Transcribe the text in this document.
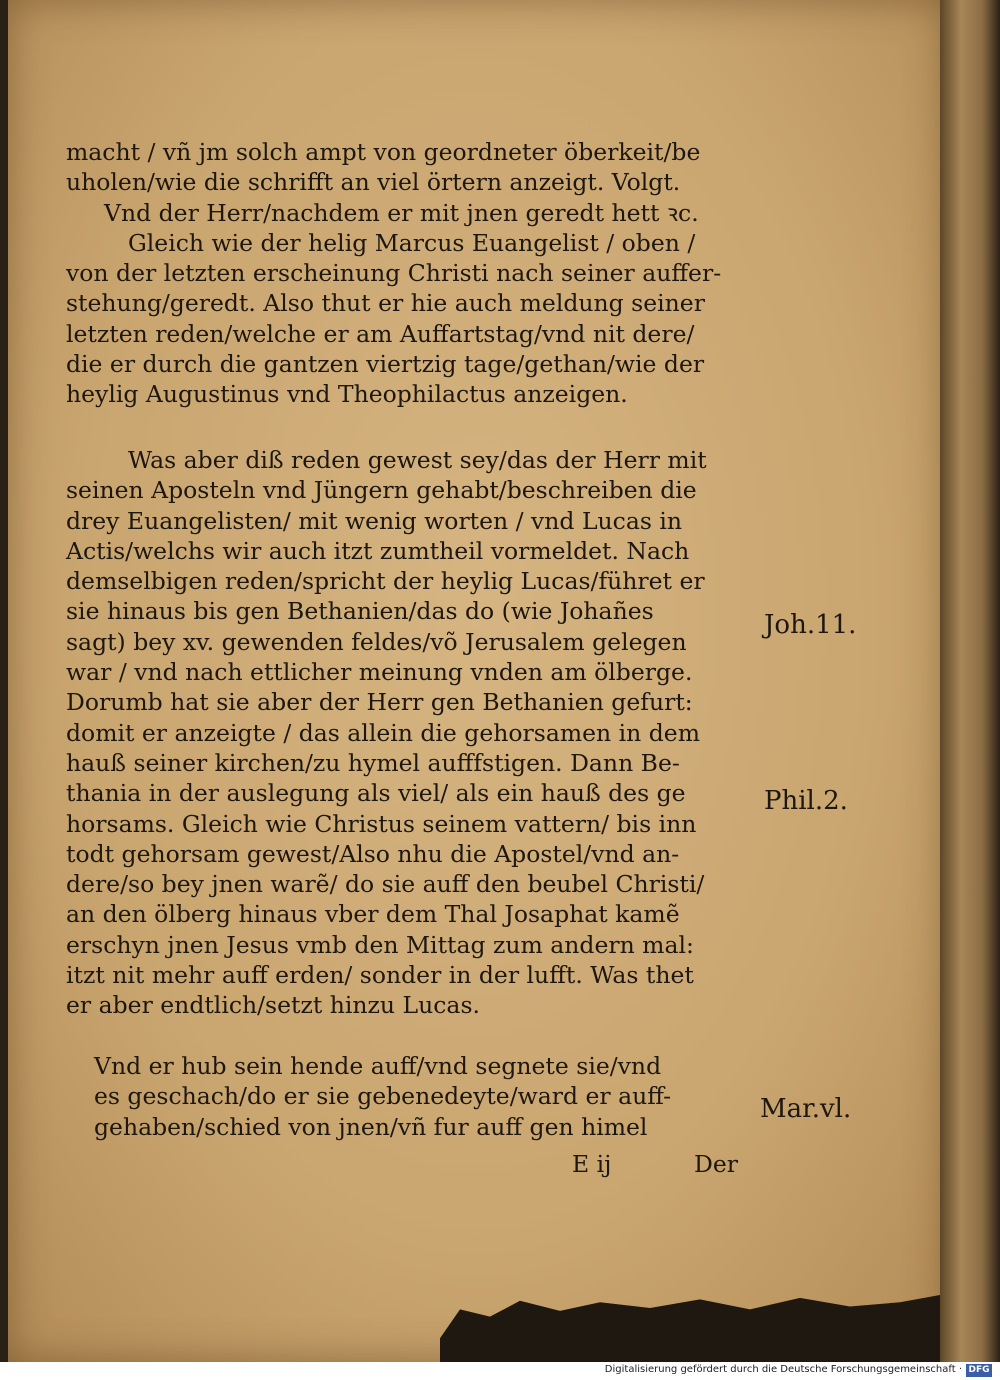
macht / vñ jm solch ampt von geordneter öberkeit/be
uholen/wie die schrifft an viel örtern anzeigt. Volgt.
Vnd der Herr/nachdem er mit jnen geredt hett ꝛc.
Gleich wie der helig Marcus Euangelist / oben /
von der letzten erscheinung Christi nach seiner auffer-
stehung/geredt. Also thut er hie auch meldung seiner
letzten reden/welche er am Auffartstag/vnd nit dere/
die er durch die gantzen viertzig tage/gethan/wie der
heylig Augustinus vnd Theophilactus anzeigen.
Was aber diß reden gewest sey/das der Herr mit
seinen Aposteln vnd Jüngern gehabt/beschreiben die
drey Euangelisten/ mit wenig worten / vnd Lucas in
Actis/welchs wir auch itzt zumtheil vormeldet. Nach
demselbigen reden/spricht der heylig Lucas/führet er
sie hinaus bis gen Bethanien/das do (wie Johañes
sagt) bey xv. gewenden feldes/võ Jerusalem gelegen
war / vnd nach ettlicher meinung vnden am ölberge.
Dorumb hat sie aber der Herr gen Bethanien gefurt:
domit er anzeigte / das allein die gehorsamen in dem
hauß seiner kirchen/zu hymel aufffstigen. Dann Be-
thania in der auslegung als viel/ als ein hauß des ge
horsams. Gleich wie Christus seinem vattern/ bis inn
todt gehorsam gewest/Also nhu die Apostel/vnd an-
dere/so bey jnen warẽ/ do sie auff den beubel Christi/
an den ölberg hinaus vber dem Thal Josaphat kamẽ
erschyn jnen Jesus vmb den Mittag zum andern mal:
itzt nit mehr auff erden/ sonder in der lufft. Was thet
er aber endtlich/setzt hinzu Lucas.
Vnd er hub sein hende auff/vnd segnete sie/vnd
es geschach/do er sie gebenedeyte/ward er auff-
gehaben/schied von jnen/vñ fur auff gen himel
Joh.11.
Phil.2.
Mar.vl.
E ij	Der
Digitalisierung gefördert durch die Deutsche Forschungsgemeinschaft · DFG
